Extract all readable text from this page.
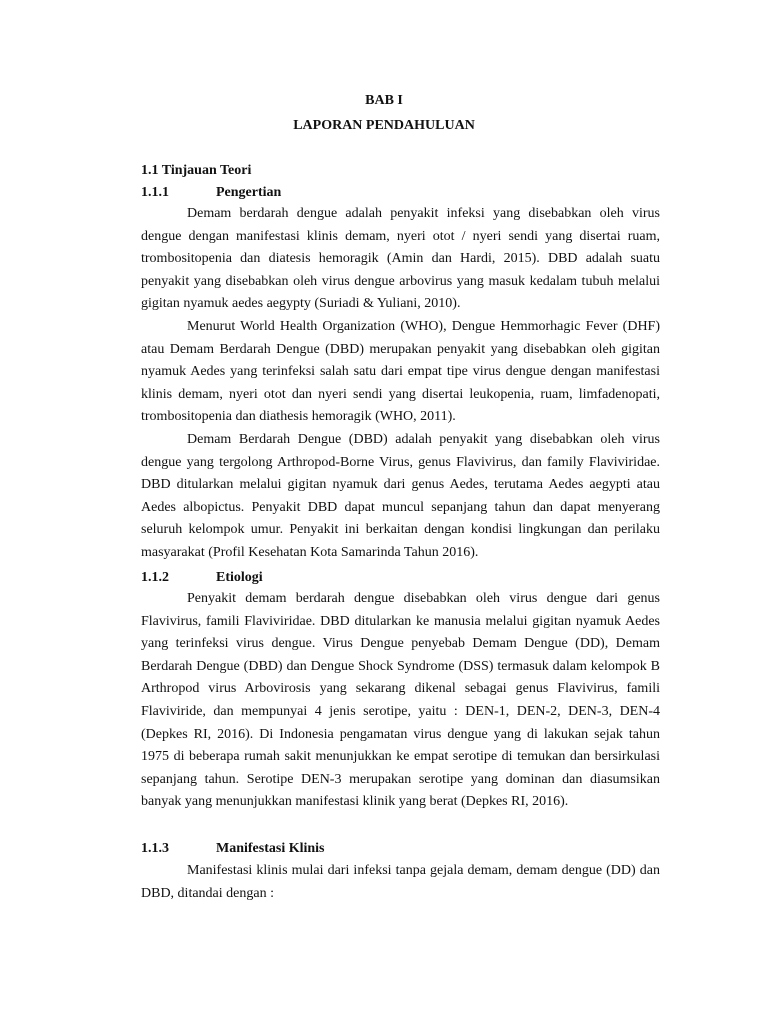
BAB I
LAPORAN PENDAHULUAN
1.1 Tinjauan Teori
1.1.1	Pengertian
Demam berdarah dengue adalah penyakit infeksi yang disebabkan oleh virus dengue dengan manifestasi klinis demam, nyeri otot / nyeri sendi yang disertai ruam, trombositopenia dan diatesis hemoragik (Amin dan Hardi, 2015). DBD adalah suatu penyakit yang disebabkan oleh virus dengue arbovirus yang masuk kedalam tubuh melalui gigitan nyamuk aedes aegypty (Suriadi & Yuliani, 2010).
Menurut World Health Organization (WHO), Dengue Hemmorhagic Fever (DHF) atau Demam Berdarah Dengue (DBD) merupakan penyakit yang disebabkan oleh gigitan nyamuk Aedes yang terinfeksi salah satu dari empat tipe virus dengue dengan manifestasi klinis demam, nyeri otot dan nyeri sendi yang disertai leukopenia, ruam, limfadenopati, trombositopenia dan diathesis hemoragik (WHO, 2011).
Demam Berdarah Dengue (DBD) adalah penyakit yang disebabkan oleh virus dengue yang tergolong Arthropod-Borne Virus, genus Flavivirus, dan family Flaviviridae. DBD ditularkan melalui gigitan nyamuk dari genus Aedes, terutama Aedes aegypti atau Aedes albopictus. Penyakit DBD dapat muncul sepanjang tahun dan dapat menyerang seluruh kelompok umur. Penyakit ini berkaitan dengan kondisi lingkungan dan perilaku masyarakat (Profil Kesehatan Kota Samarinda Tahun 2016).
1.1.2	Etiologi
Penyakit demam berdarah dengue disebabkan oleh virus dengue dari genus Flavivirus, famili Flaviviridae. DBD ditularkan ke manusia melalui gigitan nyamuk Aedes yang terinfeksi virus dengue. Virus Dengue penyebab Demam Dengue (DD), Demam Berdarah Dengue (DBD) dan Dengue Shock Syndrome (DSS) termasuk dalam kelompok B Arthropod virus Arbovirosis yang sekarang dikenal sebagai genus Flavivirus, famili Flaviviride, dan mempunyai 4 jenis serotipe, yaitu : DEN-1, DEN-2, DEN-3, DEN-4 (Depkes RI, 2016). Di Indonesia pengamatan virus dengue yang di lakukan sejak tahun 1975 di beberapa rumah sakit menunjukkan ke empat serotipe di temukan dan bersirkulasi sepanjang tahun. Serotipe DEN-3 merupakan serotipe yang dominan dan diasumsikan banyak yang menunjukkan manifestasi klinik yang berat (Depkes RI, 2016).
1.1.3	Manifestasi Klinis
Manifestasi klinis mulai dari infeksi tanpa gejala demam, demam dengue (DD) dan DBD, ditandai dengan :
